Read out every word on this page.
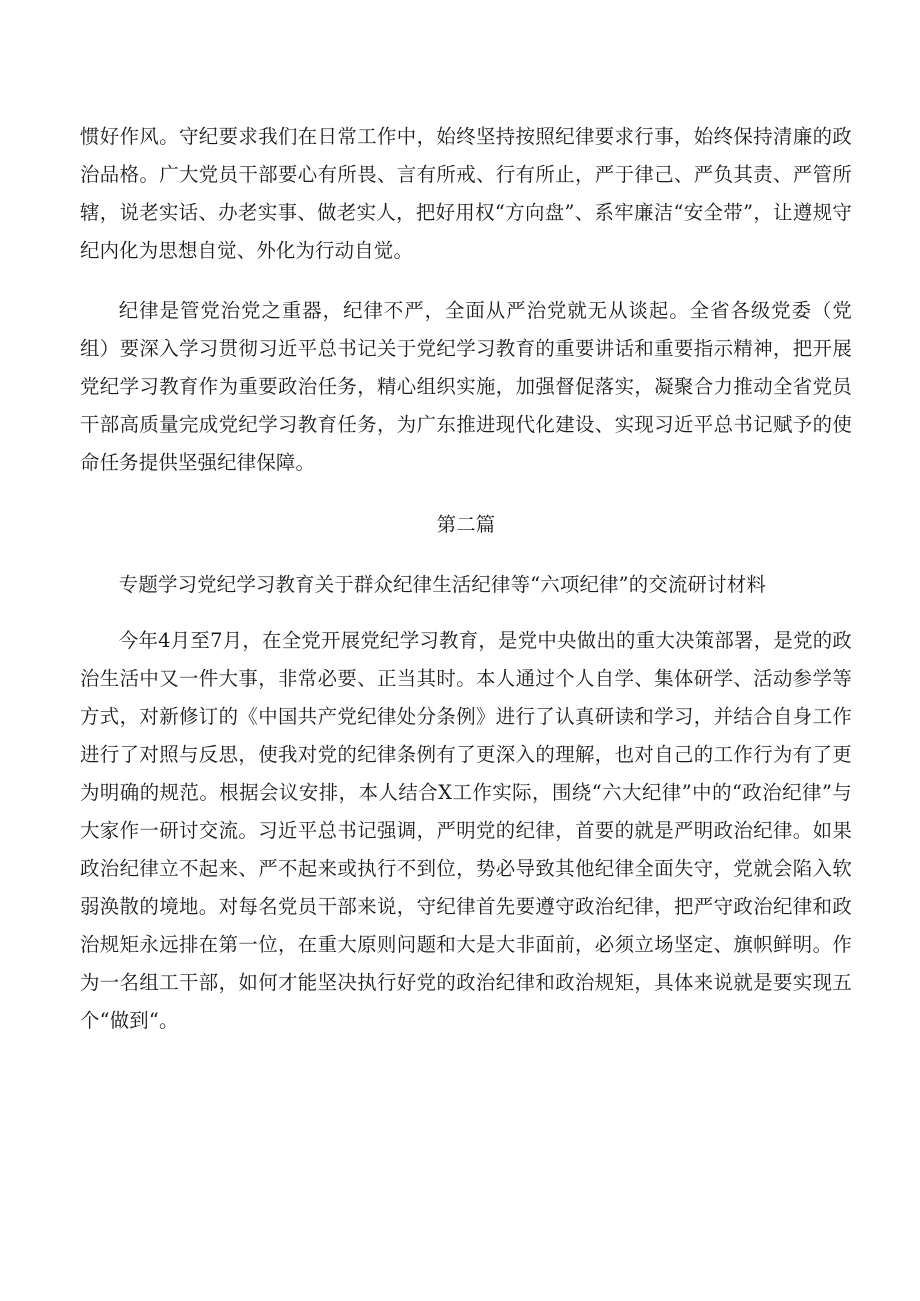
惯好作风。守纪要求我们在日常工作中，始终坚持按照纪律要求行事，始终保持清廉的政治品格。广大党员干部要心有所畏、言有所戒、行有所止，严于律己、严负其责、严管所辖，说老实话、办老实事、做老实人，把好用权“方向盘”、系牢廉洁“安全带”，让遵规守纪内化为思想自觉、外化为行动自觉。

纪律是管党治党之重器，纪律不严，全面从严治党就无从谈起。全省各级党委（党组）要深入学习贯彻习近平总书记关于党纪学习教育的重要讲话和重要指示精神，把开展党纪学习教育作为重要政治任务，精心组织实施，加强督促落实，凝聚合力推动全省党员干部高质量完成党纪学习教育任务，为广东推进现代化建设、实现习近平总书记赋予的使命任务提供坚强纪律保障。

第二篇

专题学习党纪学习教育关于群众纪律生活纪律等“六项纪律”的交流研讨材料

今年4月至7月，在全党开展党纪学习教育，是党中央做出的重大决策部署，是党的政治生活中又一件大事，非常必要、正当其时。本人通过个人自学、集体研学、活动参学等方式，对新修订的《中国共产党纪律处分条例》进行了认真研读和学习，并结合自身工作进行了对照与反思，使我对党的纪律条例有了更深入的理解，也对自己的工作行为有了更为明确的规范。根据会议安排，本人结合X工作实际，围绕“六大纪律”中的“政治纪律”与大家作一研讨交流。习近平总书记强调，严明党的纪律，首要的就是严明政治纪律。如果政治纪律立不起来、严不起来或执行不到位，势必导致其他纪律全面失守，党就会陷入软弱涣散的境地。对每名党员干部来说，守纪律首先要遵守政治纪律，把严守政治纪律和政治规矩永远排在第一位，在重大原则问题和大是大非面前，必须立场坚定、旗帜鲜明。作为一名组工干部，如何才能坚决执行好党的政治纪律和政治规矩，具体来说就是要实现五个“做到“。
